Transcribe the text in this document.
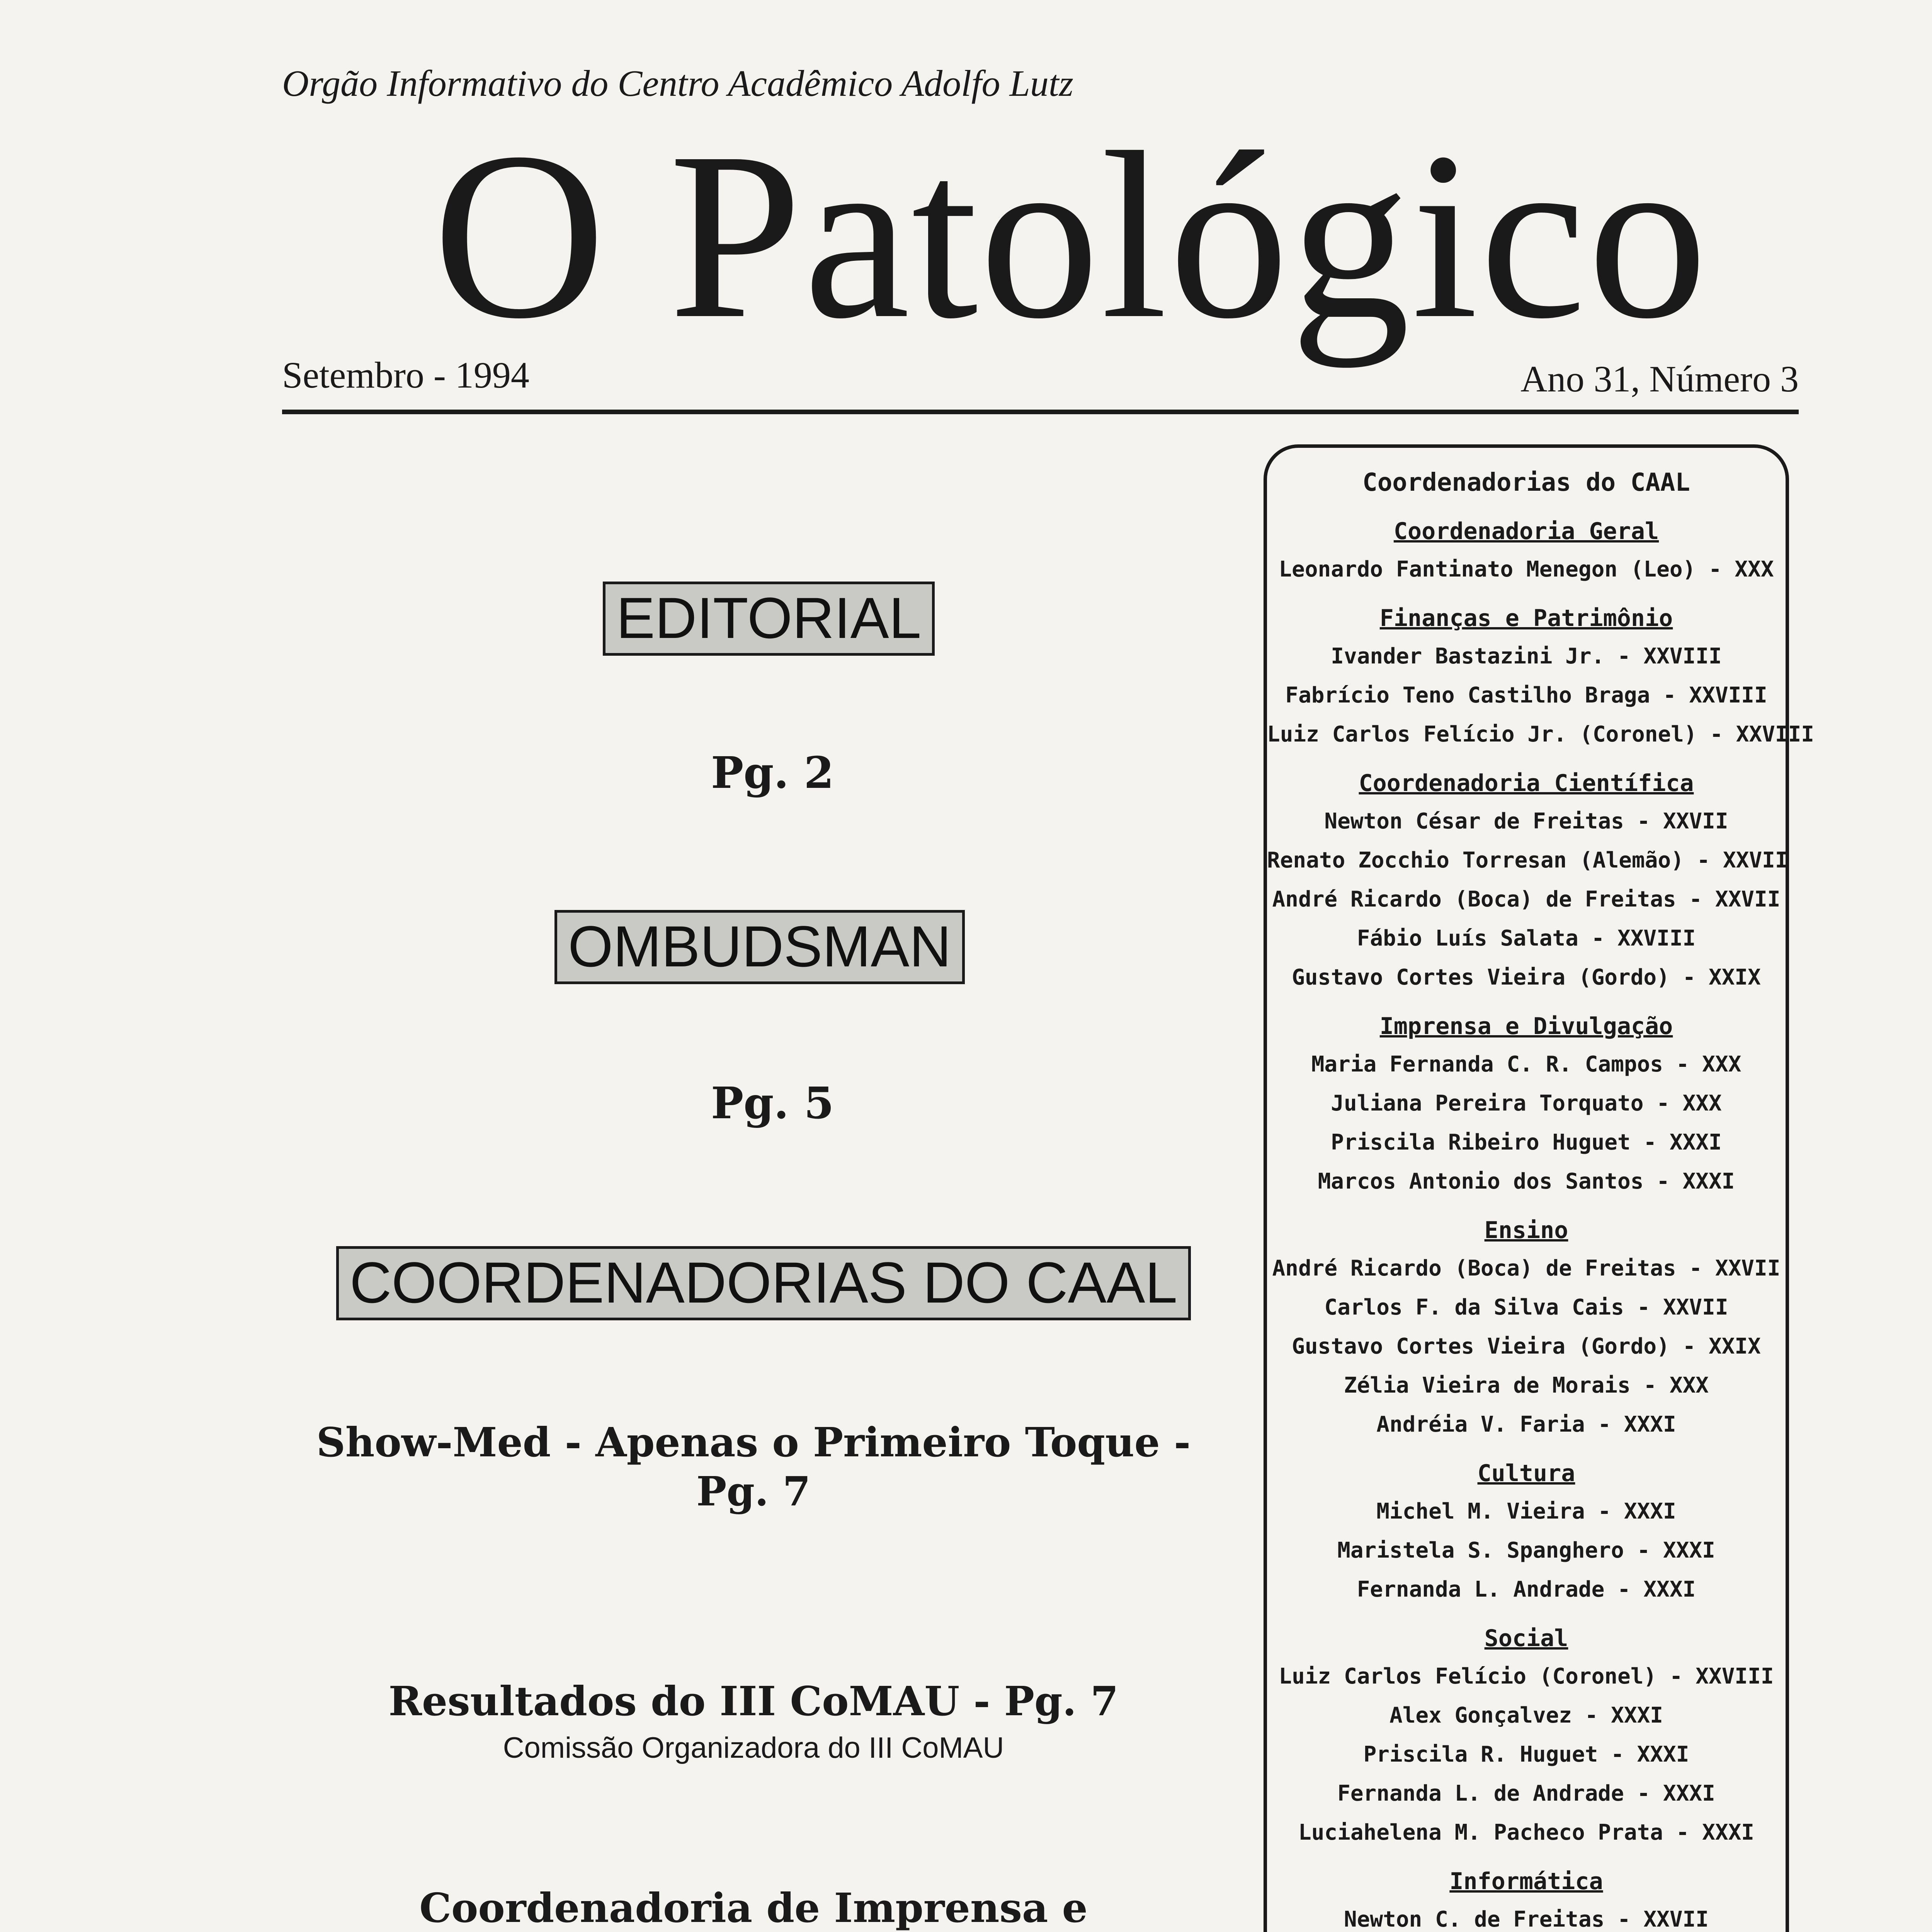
Orgão Informativo do Centro Acadêmico Adolfo Lutz
O Patológico
Setembro - 1994	Ano 31, Número 3
EDITORIAL
Pg. 2
OMBUDSMAN
Pg. 5
COORDENADORIAS DO CAAL
Show-Med - Apenas o Primeiro Toque -
Pg. 7
Resultados do III CoMAU - Pg. 7
Comissão Organizadora do III CoMAU
Coordenadoria de Imprensa e
Coordenadorias do CAAL
Coordenadoria Geral
Leonardo Fantinato Menegon (Leo) - XXX
Finanças e Patrimônio
Ivander Bastazini Jr. - XXVIII
Fabrício Teno Castilho Braga - XXVIII
Luiz Carlos Felício Jr. (Coronel) - XXVIII
Coordenadoria Científica
Newton César de Freitas - XXVII
Renato Zocchio Torresan (Alemão) - XXVII
André Ricardo (Boca) de Freitas - XXVII
Fábio Luís Salata - XXVIII
Gustavo Cortes Vieira (Gordo) - XXIX
Imprensa e Divulgação
Maria Fernanda C. R. Campos - XXX
Juliana Pereira Torquato - XXX
Priscila Ribeiro Huguet - XXXI
Marcos Antonio dos Santos - XXXI
Ensino
André Ricardo (Boca) de Freitas - XXVII
Carlos F. da Silva Cais - XXVII
Gustavo Cortes Vieira (Gordo) - XXIX
Zélia Vieira de Morais - XXX
Andréia V. Faria - XXXI
Cultura
Michel M. Vieira - XXXI
Maristela S. Spanghero - XXXI
Fernanda L. Andrade - XXXI
Social
Luiz Carlos Felício (Coronel) - XXVIII
Alex Gonçalvez - XXXI
Priscila R. Huguet - XXXI
Fernanda L. de Andrade - XXXI
Luciahelena M. Pacheco Prata - XXXI
Informática
Newton C. de Freitas - XXVII
